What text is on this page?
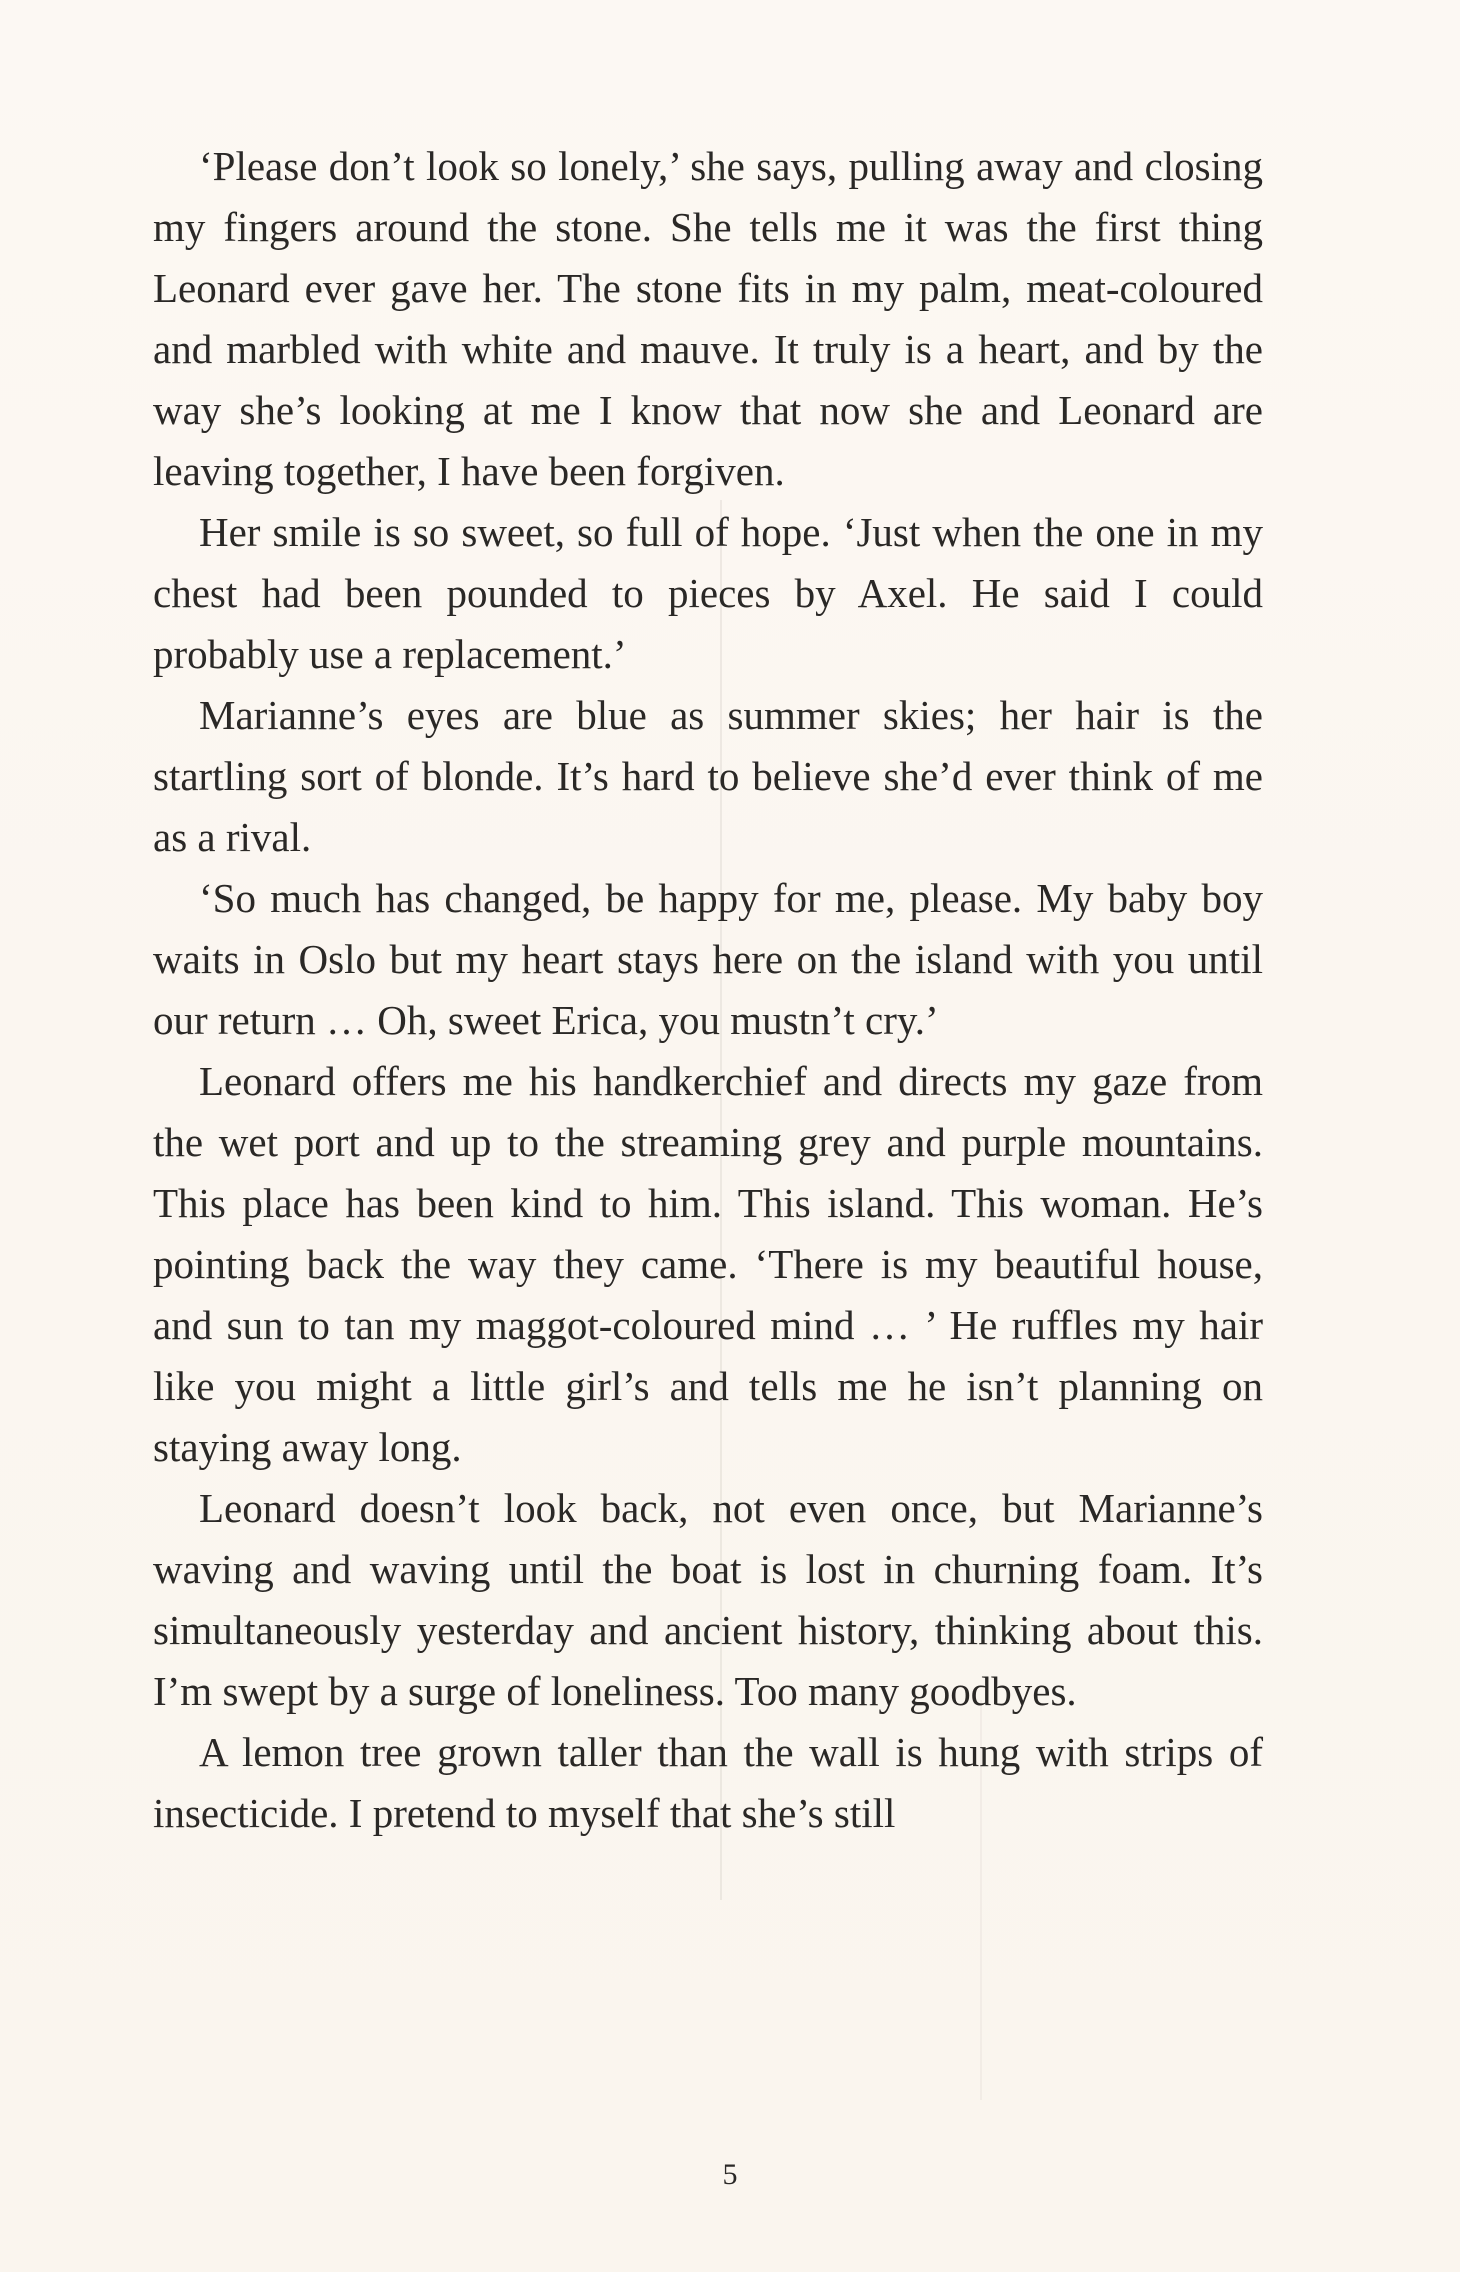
‘Please don’t look so lonely,’ she says, pulling away and closing my fingers around the stone. She tells me it was the first thing Leonard ever gave her. The stone fits in my palm, meat-coloured and marbled with white and mauve. It truly is a heart, and by the way she’s looking at me I know that now she and Leonard are leaving together, I have been forgiven.

Her smile is so sweet, so full of hope. ‘Just when the one in my chest had been pounded to pieces by Axel. He said I could probably use a replacement.’

Marianne’s eyes are blue as summer skies; her hair is the startling sort of blonde. It’s hard to believe she’d ever think of me as a rival.

‘So much has changed, be happy for me, please. My baby boy waits in Oslo but my heart stays here on the island with you until our return … Oh, sweet Erica, you mustn’t cry.’

Leonard offers me his handkerchief and directs my gaze from the wet port and up to the streaming grey and purple mountains. This place has been kind to him. This island. This woman. He’s pointing back the way they came. ‘There is my beautiful house, and sun to tan my maggot-coloured mind … ’ He ruffles my hair like you might a little girl’s and tells me he isn’t planning on staying away long.

Leonard doesn’t look back, not even once, but Marianne’s waving and waving until the boat is lost in churning foam. It’s simultaneously yesterday and ancient history, thinking about this. I’m swept by a surge of loneliness. Too many goodbyes.

A lemon tree grown taller than the wall is hung with strips of insecticide. I pretend to myself that she’s still

5
